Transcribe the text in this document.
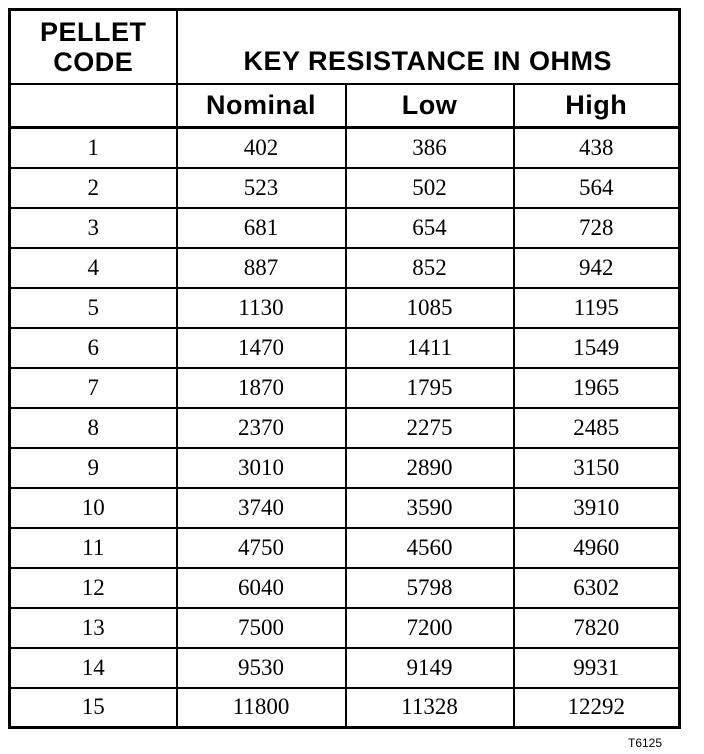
PELLET
CODE	KEY RESISTANCE IN OHMS		
	Nominal	Low	High
1	402	386	438
2	523	502	564
3	681	654	728
4	887	852	942
5	1130	1085	1195
6	1470	1411	1549
7	1870	1795	1965
8	2370	2275	2485
9	3010	2890	3150
10	3740	3590	3910
11	4750	4560	4960
12	6040	5798	6302
13	7500	7200	7820
14	9530	9149	9931
15	11800	11328	12292
T6125
